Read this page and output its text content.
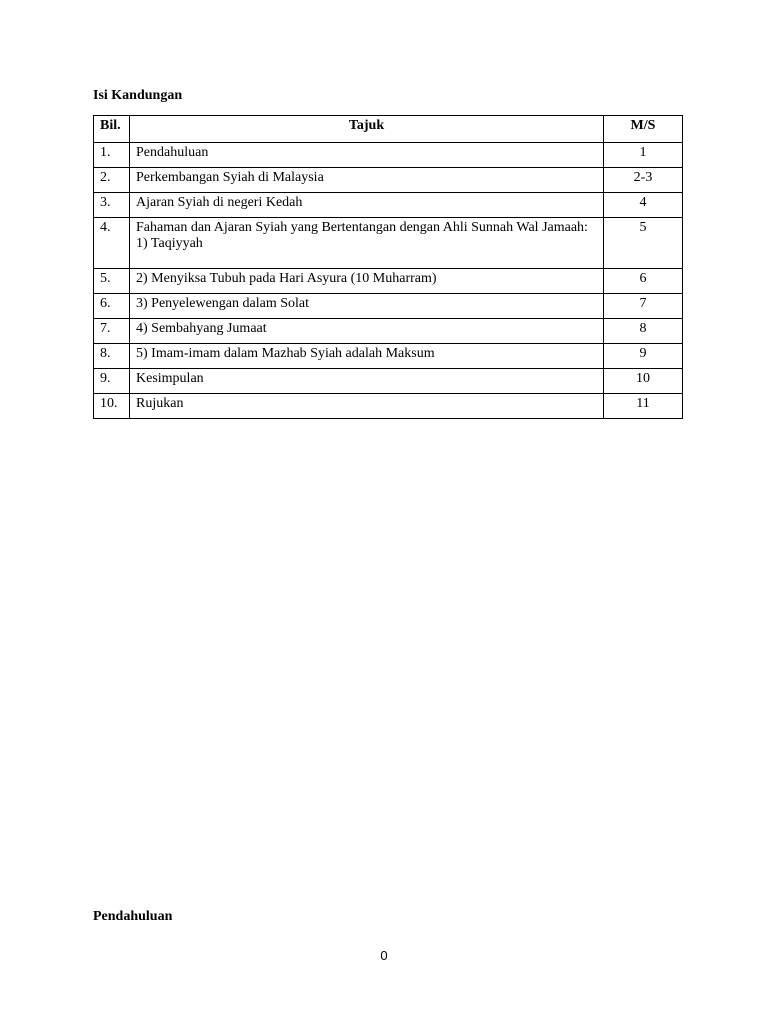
Isi Kandungan
Bil.	Tajuk	M/S
1.	Pendahuluan	1
2.	Perkembangan Syiah di Malaysia	2-3
3.	Ajaran Syiah di negeri Kedah	4
4.	Fahaman dan Ajaran Syiah yang Bertentangan dengan Ahli Sunnah Wal Jamaah: 1) Taqiyyah	5
5.	2) Menyiksa Tubuh pada Hari Asyura (10 Muharram)	6
6.	3) Penyelewengan dalam Solat	7
7.	4) Sembahyang Jumaat	8
8.	5) Imam-imam dalam Mazhab Syiah adalah Maksum	9
9.	Kesimpulan	10
10.	Rujukan	11
Pendahuluan
0
